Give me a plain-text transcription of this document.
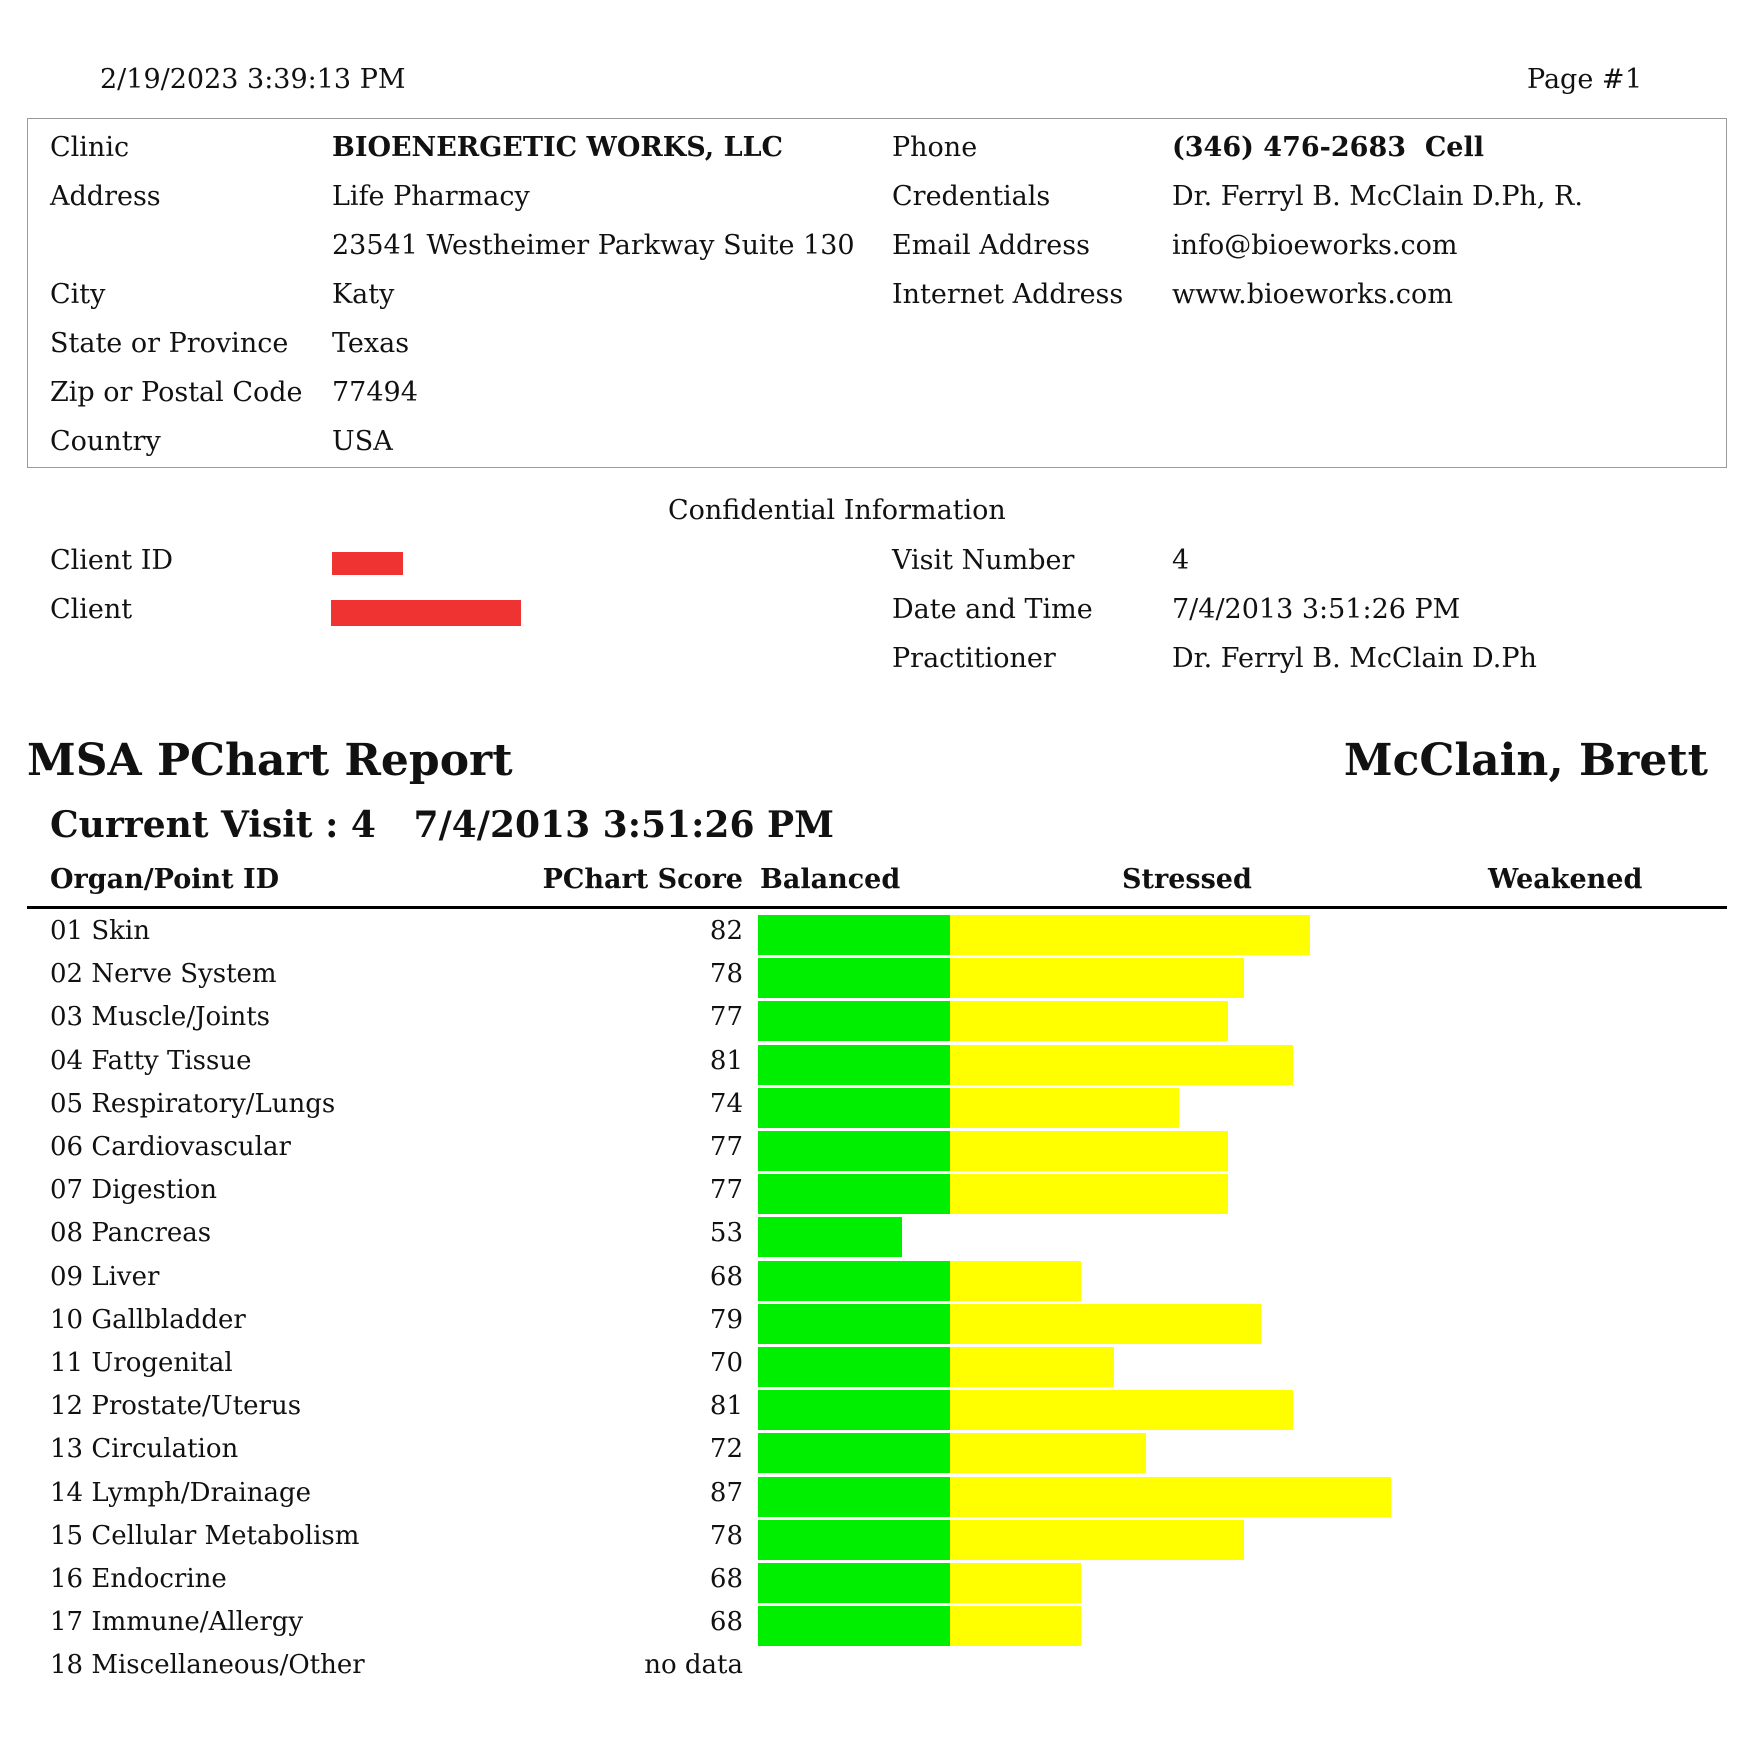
2/19/2023 3:39:13 PM	Page # 1
Clinic	BIOENERGETIC WORKS, LLC
Address	Life Pharmacy
23541 Westheimer Parkway Suite 130
City	Katy
State or Province Texas
Zip or Postal Code 77494
Country	USA
Phone	(346) 476-2683  Cell
Credentials	Dr. Ferryl B. McClain D.Ph, R.
Email Address	info@bioeworks.com
Internet Address www.bioeworks.com
Confidential Information
Client ID
Client
Visit Number	4
Date and Time	7/4/2013 3:51:26 PM
Practitioner	Dr. Ferryl B. McClain D.Ph
MSA PChart Report	McClain, Brett
Current Visit : 4   7/4/2013 3:51:26 PM
Organ/Point ID	PChart Score Balanced	Stressed	Weakened
01 Skin	82
02 Nerve System	78
03 Muscle/Joints	77
04 Fatty Tissue	81
05 Respiratory/Lungs	74
06 Cardiovascular	77
07 Digestion	77
08 Pancreas	53
09 Liver	68
10 Gallbladder	79
11 Urogenital	70
12 Prostate/Uterus	81
13 Circulation	72
14 Lymph/Drainage	87
15 Cellular Metabolism	78
16 Endocrine	68
17 Immune/Allergy	68
18 Miscellaneous/Other	no data
